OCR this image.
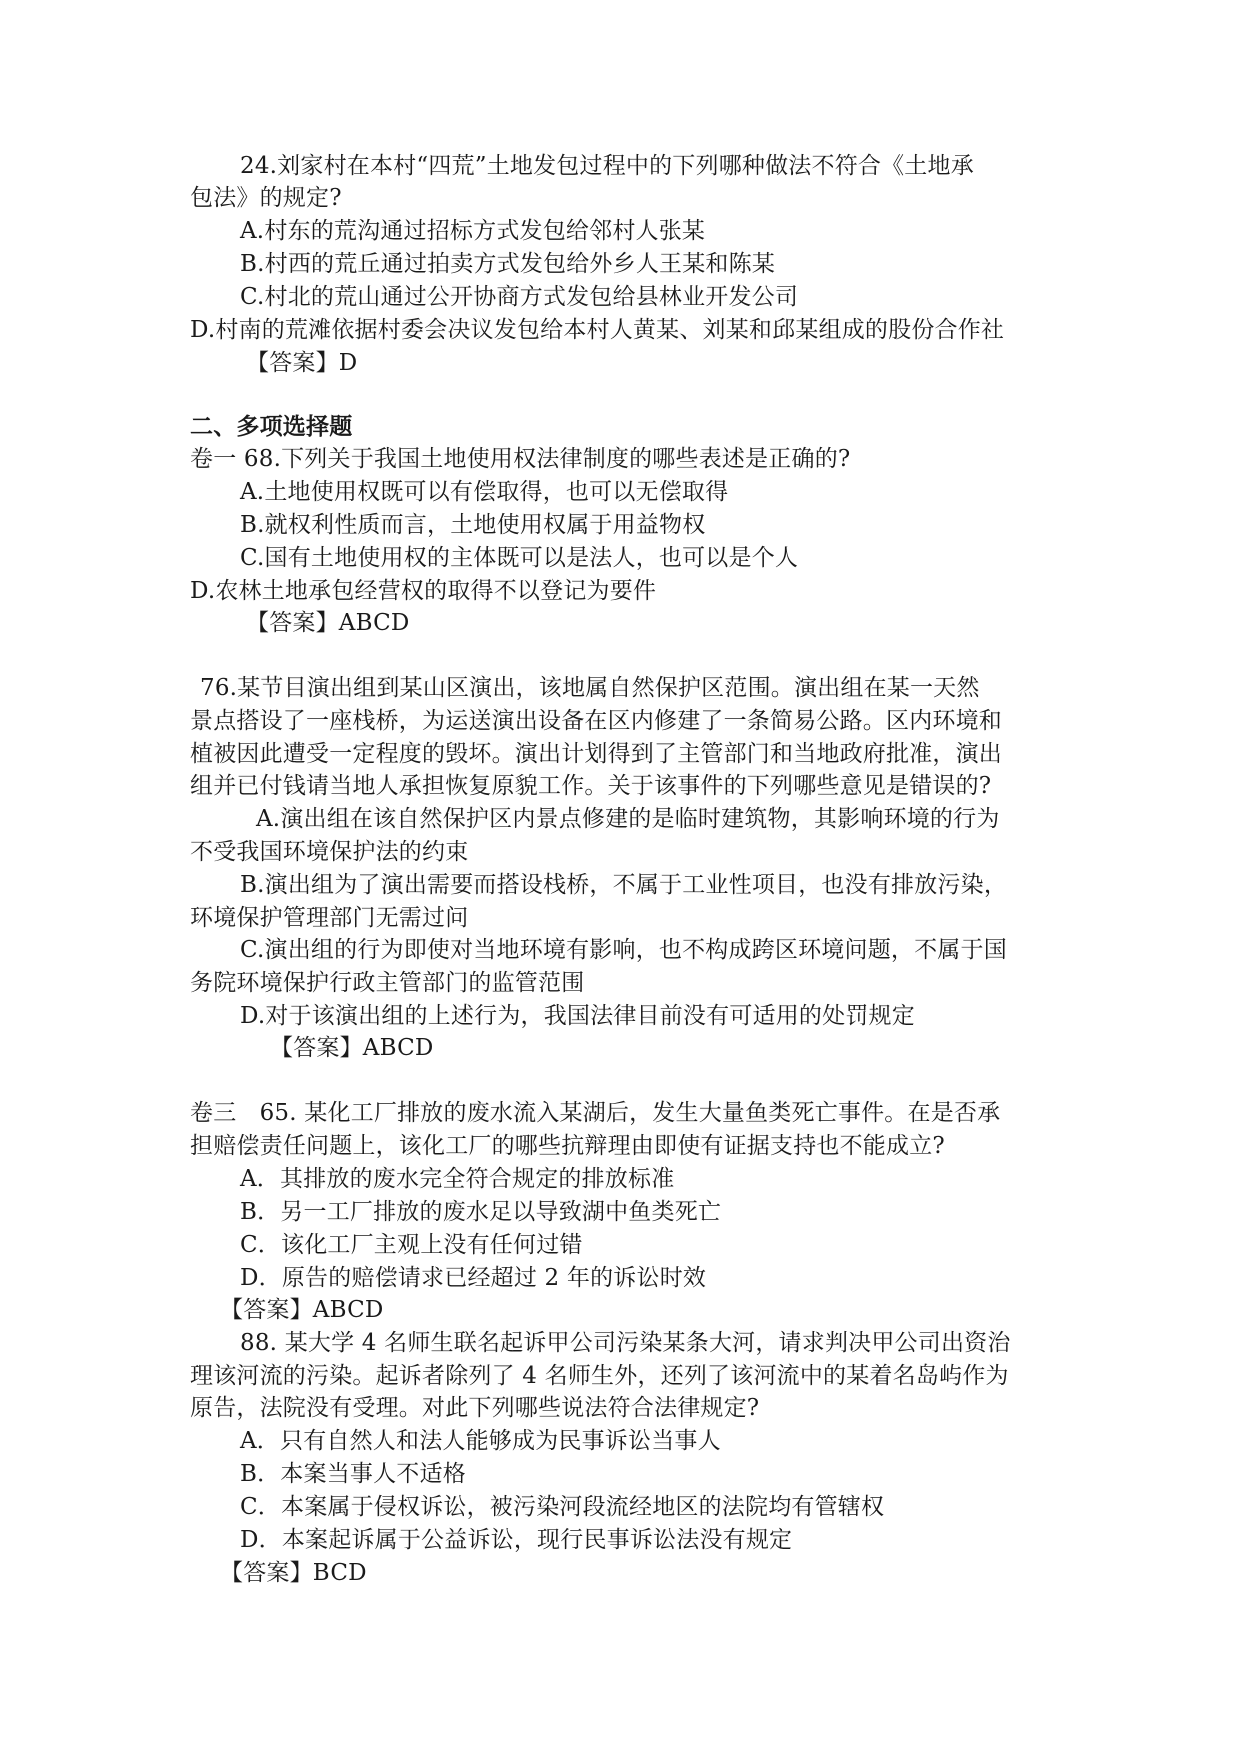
24.刘家村在本村“四荒”土地发包过程中的下列哪种做法不符合《土地承
包法》的规定?
A.村东的荒沟通过招标方式发包给邻村人张某
B.村西的荒丘通过拍卖方式发包给外乡人王某和陈某
C.村北的荒山通过公开协商方式发包给县林业开发公司
D.村南的荒滩依据村委会决议发包给本村人黄某、刘某和邱某组成的股份合作社
【答案】D
二、多项选择题
卷一 68.下列关于我国土地使用权法律制度的哪些表述是正确的?
A.土地使用权既可以有偿取得，也可以无偿取得
B.就权利性质而言，土地使用权属于用益物权
C.国有土地使用权的主体既可以是法人，也可以是个人
D.农林土地承包经营权的取得不以登记为要件
【答案】ABCD
76.某节目演出组到某山区演出，该地属自然保护区范围。演出组在某一天然
景点搭设了一座栈桥，为运送演出设备在区内修建了一条简易公路。区内环境和
植被因此遭受一定程度的毁坏。演出计划得到了主管部门和当地政府批准，演出
组并已付钱请当地人承担恢复原貌工作。关于该事件的下列哪些意见是错误的?
A.演出组在该自然保护区内景点修建的是临时建筑物，其影响环境的行为
不受我国环境保护法的约束
B.演出组为了演出需要而搭设栈桥，不属于工业性项目，也没有排放污染，
环境保护管理部门无需过问
C.演出组的行为即使对当地环境有影响，也不构成跨区环境问题，不属于国
务院环境保护行政主管部门的监管范围
D.对于该演出组的上述行为，我国法律目前没有可适用的处罚规定
【答案】ABCD
卷三　65. 某化工厂排放的废水流入某湖后，发生大量鱼类死亡事件。在是否承
担赔偿责任问题上，该化工厂的哪些抗辩理由即使有证据支持也不能成立?
A．其排放的废水完全符合规定的排放标准
B．另一工厂排放的废水足以导致湖中鱼类死亡
C．该化工厂主观上没有任何过错
D．原告的赔偿请求已经超过 2 年的诉讼时效
【答案】ABCD
88. 某大学 4 名师生联名起诉甲公司污染某条大河，请求判决甲公司出资治
理该河流的污染。起诉者除列了 4 名师生外，还列了该河流中的某着名岛屿作为
原告，法院没有受理。对此下列哪些说法符合法律规定?
A．只有自然人和法人能够成为民事诉讼当事人
B．本案当事人不适格
C．本案属于侵权诉讼，被污染河段流经地区的法院均有管辖权
D．本案起诉属于公益诉讼，现行民事诉讼法没有规定
【答案】BCD
